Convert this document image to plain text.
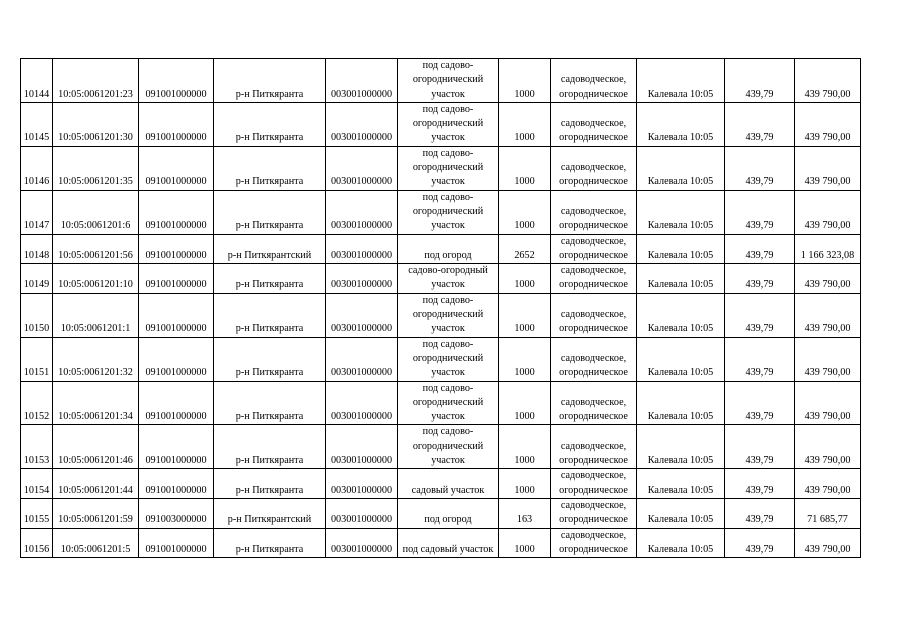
10144	10:05:0061201:23	091001000000	р-н Питкяранта	003001000000	под садово-огороднический участок	1000	садоводческое, огородническое	Калевала 10:05	439,79	439 790,00
10145	10:05:0061201:30	091001000000	р-н Питкяранта	003001000000	под садово-огороднический участок	1000	садоводческое, огородническое	Калевала 10:05	439,79	439 790,00
10146	10:05:0061201:35	091001000000	р-н Питкяранта	003001000000	под садово-огороднический участок	1000	садоводческое, огородническое	Калевала 10:05	439,79	439 790,00
10147	10:05:0061201:6	091001000000	р-н Питкяранта	003001000000	под садово-огороднический участок	1000	садоводческое, огородническое	Калевала 10:05	439,79	439 790,00
10148	10:05:0061201:56	091001000000	р-н Питкярантский	003001000000	под огород	2652	садоводческое, огородническое	Калевала 10:05	439,79	1 166 323,08
10149	10:05:0061201:10	091001000000	р-н Питкяранта	003001000000	садово-огородный участок	1000	садоводческое, огородническое	Калевала 10:05	439,79	439 790,00
10150	10:05:0061201:1	091001000000	р-н Питкяранта	003001000000	под садово-огороднический участок	1000	садоводческое, огородническое	Калевала 10:05	439,79	439 790,00
10151	10:05:0061201:32	091001000000	р-н Питкяранта	003001000000	под садово-огороднический участок	1000	садоводческое, огородническое	Калевала 10:05	439,79	439 790,00
10152	10:05:0061201:34	091001000000	р-н Питкяранта	003001000000	под садово-огороднический участок	1000	садоводческое, огородническое	Калевала 10:05	439,79	439 790,00
10153	10:05:0061201:46	091001000000	р-н Питкяранта	003001000000	под садово-огороднический участок	1000	садоводческое, огородническое	Калевала 10:05	439,79	439 790,00
10154	10:05:0061201:44	091001000000	р-н Питкяранта	003001000000	садовый участок	1000	садоводческое, огородническое	Калевала 10:05	439,79	439 790,00
10155	10:05:0061201:59	091003000000	р-н Питкярантский	003001000000	под огород	163	садоводческое, огородническое	Калевала 10:05	439,79	71 685,77
10156	10:05:0061201:5	091001000000	р-н Питкяранта	003001000000	под садовый участок	1000	садоводческое, огородническое	Калевала 10:05	439,79	439 790,00
